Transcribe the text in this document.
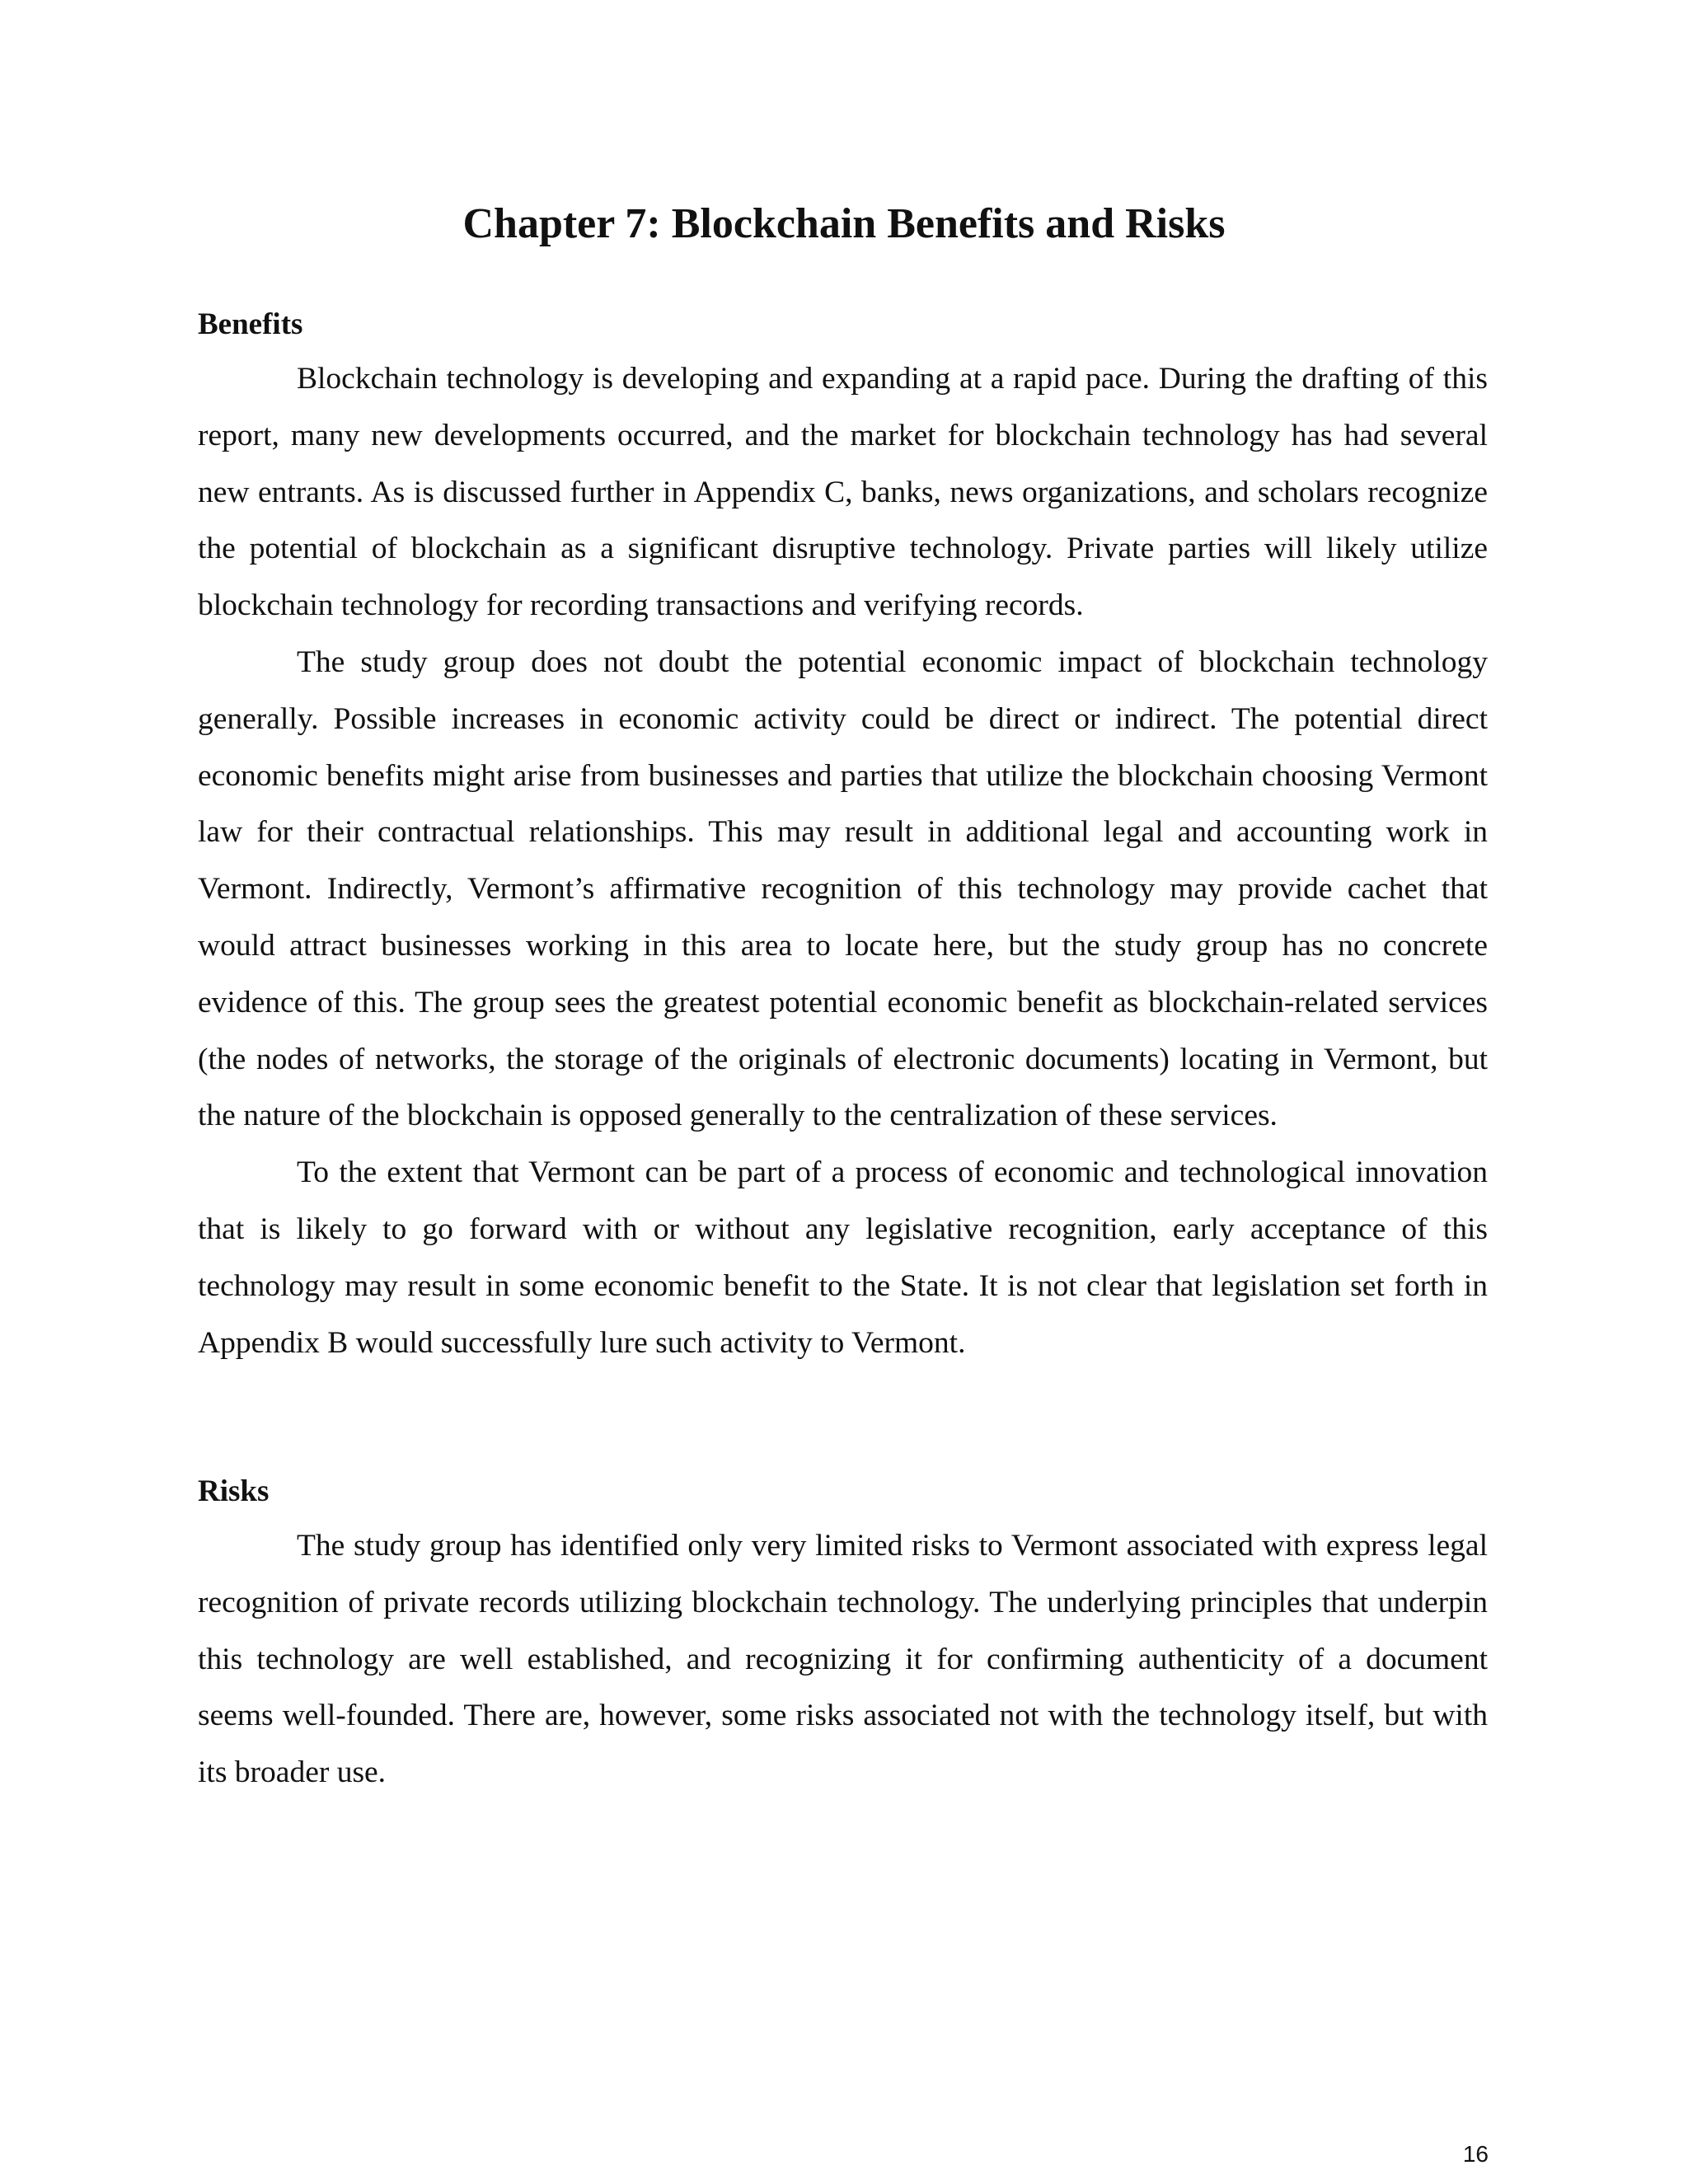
Chapter 7: Blockchain Benefits and Risks
Benefits

Blockchain technology is developing and expanding at a rapid pace. During the drafting of this report, many new developments occurred, and the market for blockchain technology has had several new entrants. As is discussed further in Appendix C, banks, news organizations, and scholars recognize the potential of blockchain as a significant disruptive technology. Private parties will likely utilize blockchain technology for recording transactions and verifying records.

The study group does not doubt the potential economic impact of blockchain technology generally. Possible increases in economic activity could be direct or indirect. The potential direct economic benefits might arise from businesses and parties that utilize the blockchain choosing Vermont law for their contractual relationships. This may result in additional legal and accounting work in Vermont. Indirectly, Vermont’s affirmative recognition of this technology may provide cachet that would attract businesses working in this area to locate here, but the study group has no concrete evidence of this. The group sees the greatest potential economic benefit as blockchain-related services (the nodes of networks, the storage of the originals of electronic documents) locating in Vermont, but the nature of the blockchain is opposed generally to the centralization of these services.

To the extent that Vermont can be part of a process of economic and technological innovation that is likely to go forward with or without any legislative recognition, early acceptance of this technology may result in some economic benefit to the State. It is not clear that legislation set forth in Appendix B would successfully lure such activity to Vermont.

Risks

The study group has identified only very limited risks to Vermont associated with express legal recognition of private records utilizing blockchain technology. The underlying principles that underpin this technology are well established, and recognizing it for confirming authenticity of a document seems well-founded. There are, however, some risks associated not with the technology itself, but with its broader use.

16
